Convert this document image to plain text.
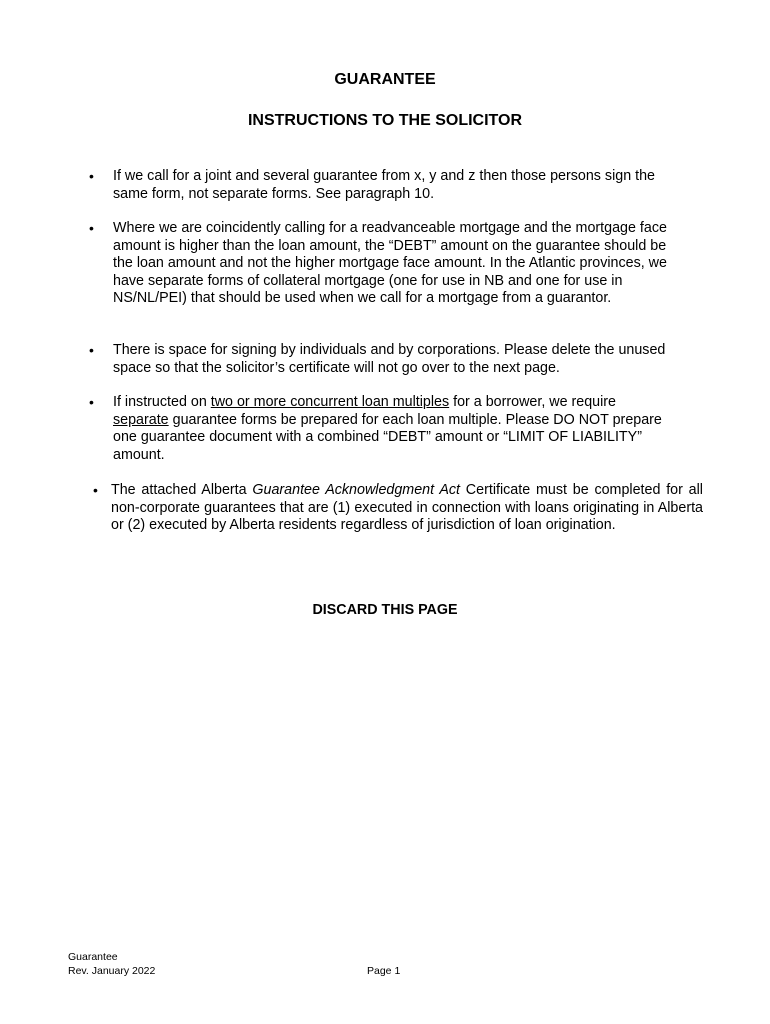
GUARANTEE
INSTRUCTIONS TO THE SOLICITOR
• If we call for a joint and several guarantee from x, y and z then those persons sign the same form, not separate forms. See paragraph 10.
• Where we are coincidently calling for a readvanceable mortgage and the mortgage face amount is higher than the loan amount, the “DEBT” amount on the guarantee should be the loan amount and not the higher mortgage face amount. In the Atlantic provinces, we have separate forms of collateral mortgage (one for use in NB and one for use in NS/NL/PEI) that should be used when we call for a mortgage from a guarantor.
• There is space for signing by individuals and by corporations. Please delete the unused space so that the solicitor’s certificate will not go over to the next page.
• If instructed on two or more concurrent loan multiples for a borrower, we require separate guarantee forms be prepared for each loan multiple. Please DO NOT prepare one guarantee document with a combined “DEBT” amount or “LIMIT OF LIABILITY” amount.
• The attached Alberta Guarantee Acknowledgment Act Certificate must be completed for all non-corporate guarantees that are (1) executed in connection with loans originating in Alberta or (2) executed by Alberta residents regardless of jurisdiction of loan origination.
DISCARD THIS PAGE
Guarantee
Rev. January 2022	Page 1
